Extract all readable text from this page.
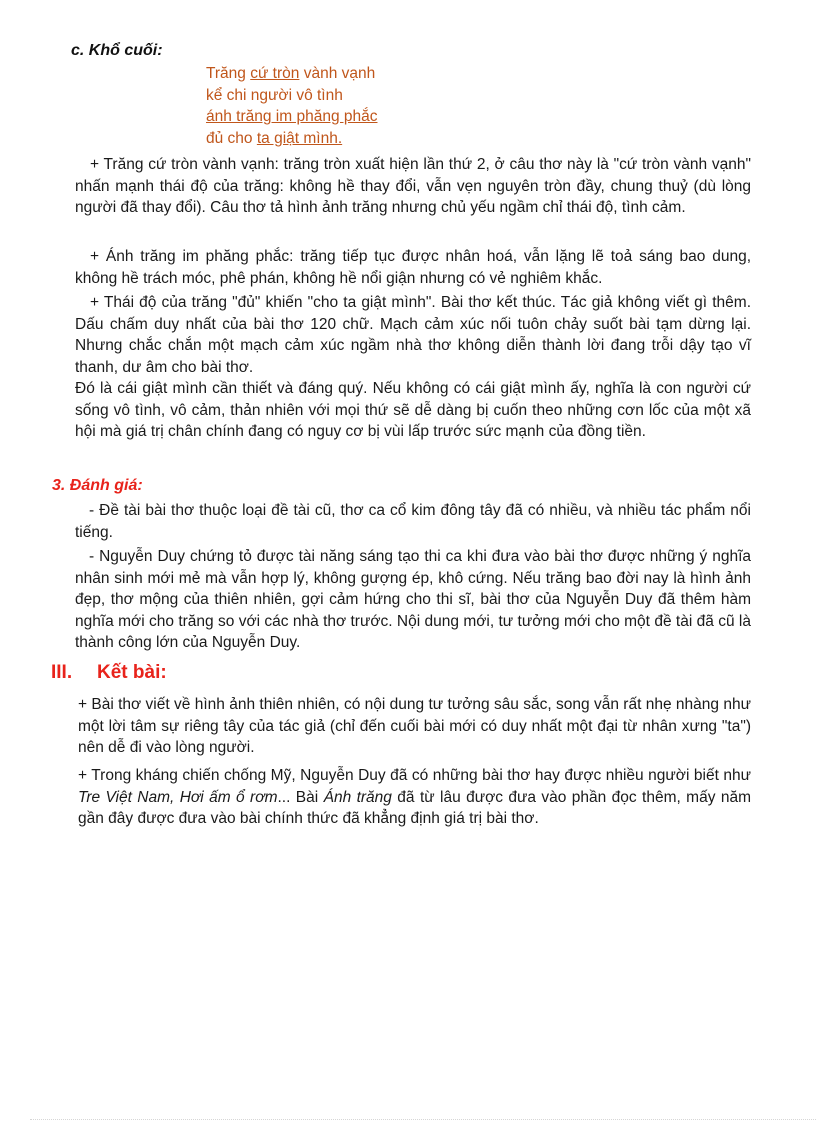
c. Khổ cuối:
Trăng cứ tròn vành vạnh
kể chi người vô tình
ánh trăng im phăng phắc
đủ cho ta giật mình.
+ Trăng cứ tròn vành vạnh: trăng tròn xuất hiện lần thứ 2, ở câu thơ này là "cứ tròn vành vạnh" nhấn mạnh thái độ của trăng: không hề thay đổi, vẫn vẹn nguyên tròn đầy, chung thuỷ (dù lòng người đã thay đổi). Câu thơ tả hình ảnh trăng nhưng chủ yếu ngầm chỉ thái độ, tình cảm.
+ Ánh trăng im phăng phắc: trăng tiếp tục được nhân hoá, vẫn lặng lẽ toả sáng bao dung, không hề trách móc, phê phán, không hề nổi giận nhưng có vẻ nghiêm khắc.
+ Thái độ của trăng "đủ" khiến "cho ta giật mình". Bài thơ kết thúc. Tác giả không viết gì thêm. Dấu chấm duy nhất của bài thơ 120 chữ. Mạch cảm xúc nối tuôn chảy suốt bài tạm dừng lại. Nhưng chắc chắn một mạch cảm xúc ngầm nhà thơ không diễn thành lời đang trỗi dậy tạo vĩ thanh, dư âm cho bài thơ.
Đó là cái giật mình cần thiết và đáng quý. Nếu không có cái giật mình ấy, nghĩa là con người cứ sống vô tình, vô cảm, thản nhiên với mọi thứ sẽ dễ dàng bị cuốn theo những cơn lốc của một xã hội mà giá trị chân chính đang có nguy cơ bị vùi lấp trước sức mạnh của đồng tiền.
3. Đánh giá:
- Đề tài bài thơ thuộc loại đề tài cũ, thơ ca cổ kim đông tây đã có nhiều, và nhiều tác phẩm nổi tiếng.
- Nguyễn Duy chứng tỏ được tài năng sáng tạo thi ca khi đưa vào bài thơ được những ý nghĩa nhân sinh mới mẻ mà vẫn hợp lý, không gượng ép, khô cứng. Nếu trăng bao đời nay là hình ảnh đẹp, thơ mộng của thiên nhiên, gợi cảm hứng cho thi sĩ, bài thơ của Nguyễn Duy đã thêm hàm nghĩa mới cho trăng so với các nhà thơ trước. Nội dung mới, tư tưởng mới cho một đề tài đã cũ là thành công lớn của Nguyễn Duy.
III. Kết bài:
+ Bài thơ viết về hình ảnh thiên nhiên, có nội dung tư tưởng sâu sắc, song vẫn rất nhẹ nhàng như một lời tâm sự riêng tây của tác giả (chỉ đến cuối bài mới có duy nhất một đại từ nhân xưng "ta") nên dễ đi vào lòng người.
+ Trong kháng chiến chống Mỹ, Nguyễn Duy đã có những bài thơ hay được nhiều người biết như Tre Việt Nam, Hơi ấm ổ rơm... Bài Ánh trăng đã từ lâu được đưa vào phần đọc thêm, mấy năm gần đây được đưa vào bài chính thức đã khẳng định giá trị bài thơ.
